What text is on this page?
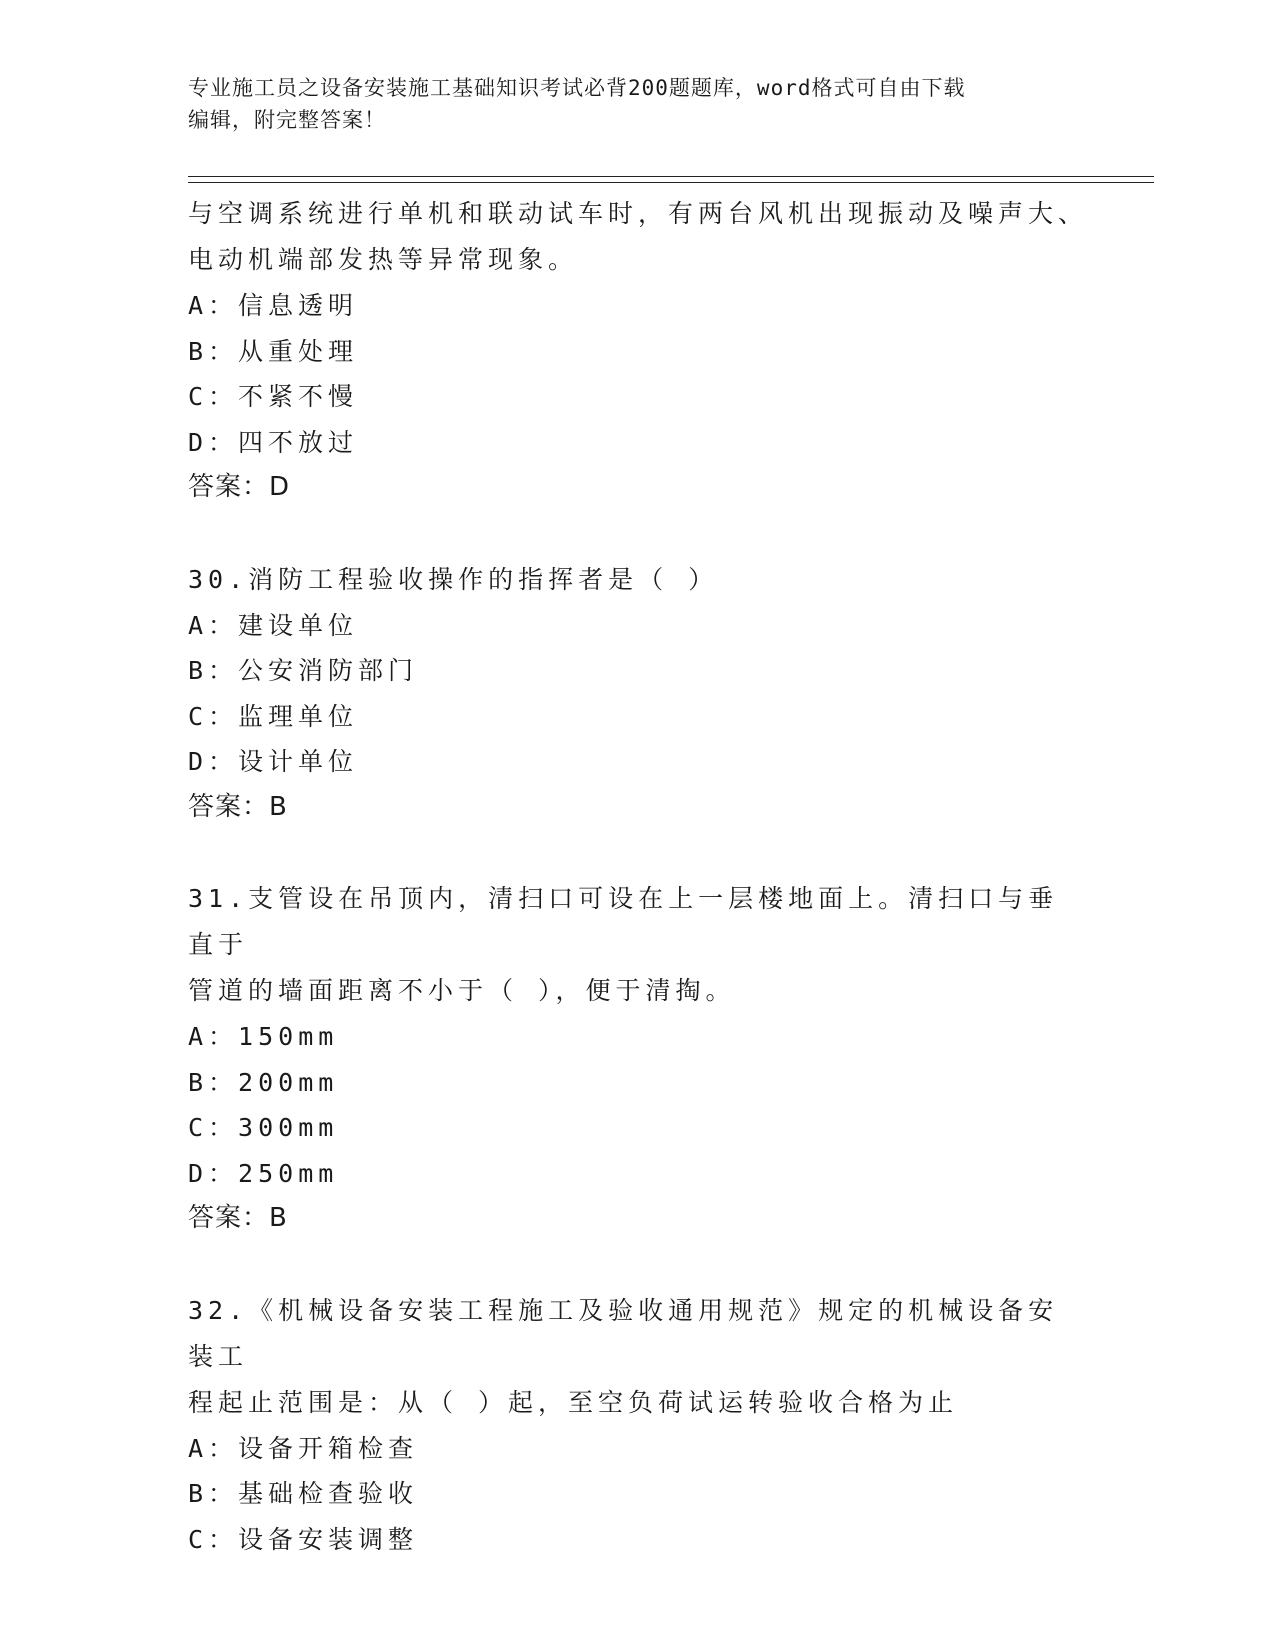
专业施工员之设备安装施工基础知识考试必背200题题库，word格式可自由下载
编辑，附完整答案！
与空调系统进行单机和联动试车时，有两台风机出现振动及噪声大、
电动机端部发热等异常现象。
A：信息透明
B：从重处理
C：不紧不慢
D：四不放过
答案：D
30.消防工程验收操作的指挥者是（ ）
A：建设单位
B：公安消防部门
C：监理单位
D：设计单位
答案：B
31.支管设在吊顶内，清扫口可设在上一层楼地面上。清扫口与垂直于
管道的墙面距离不小于（ ），便于清掏。
A：150mm
B：200mm
C：300mm
D：250mm
答案：B
32.《机械设备安装工程施工及验收通用规范》规定的机械设备安装工
程起止范围是：从（ ）起，至空负荷试运转验收合格为止
A：设备开箱检查
B：基础检查验收
C：设备安装调整
